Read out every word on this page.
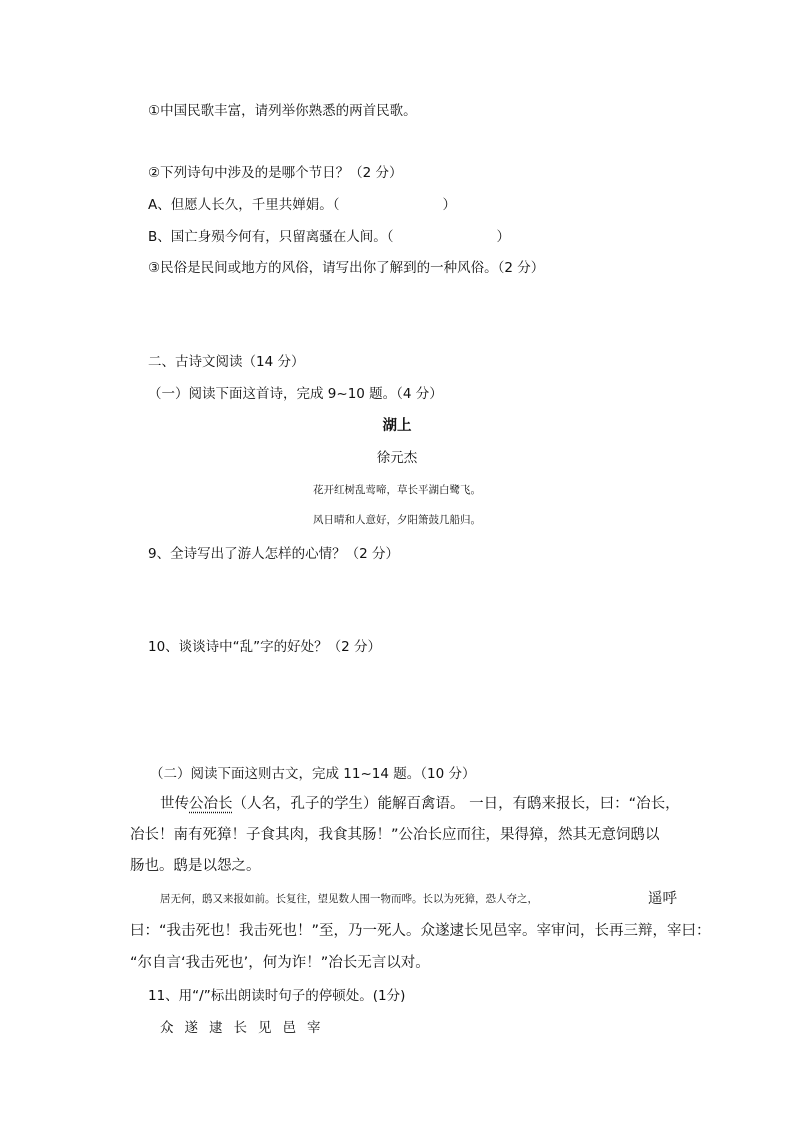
①中国民歌丰富，请列举你熟悉的两首民歌。
②下列诗句中涉及的是哪个节日？（2 分）
A、但愿人长久，千里共婵娟。（                        ）
B、国亡身殒今何有，只留离骚在人间。（                        ）
③民俗是民间或地方的风俗，请写出你了解到的一种风俗。（2 分）
二、古诗文阅读（14 分）
（一）阅读下面这首诗，完成 9~10 题。（4 分）
湖上
徐元杰
花开红树乱莺啼，草长平湖白鹭飞。
风日晴和人意好，夕阳箫鼓几船归。
9、全诗写出了游人怎样的心情？（2 分）
10、谈谈诗中“乱”字的好处？（2 分）
（二）阅读下面这则古文，完成 11~14 题。（10 分）
世传公冶长（人名，孔子的学生）能解百禽语。 一日，有鸱来报长，曰：“冶长，
冶长！南有死獐！子食其肉，我食其肠！”公冶长应而往，果得獐，然其无意饲鸱以
肠也。鸱是以怨之。
居无何，鸱又来报如前。长复往，望见数人围一物而哗。长以为死獐，恐人夺之，	遥呼
曰：“我击死也！我击死也！”至，乃一死人。众遂逮长见邑宰。宰审问，长再三辩，宰曰：
“尔自言‘我击死也’，何为诈！”冶长无言以对。
11、用“/”标出朗读时句子的停顿处。(1分)
众遂逮长见邑宰
